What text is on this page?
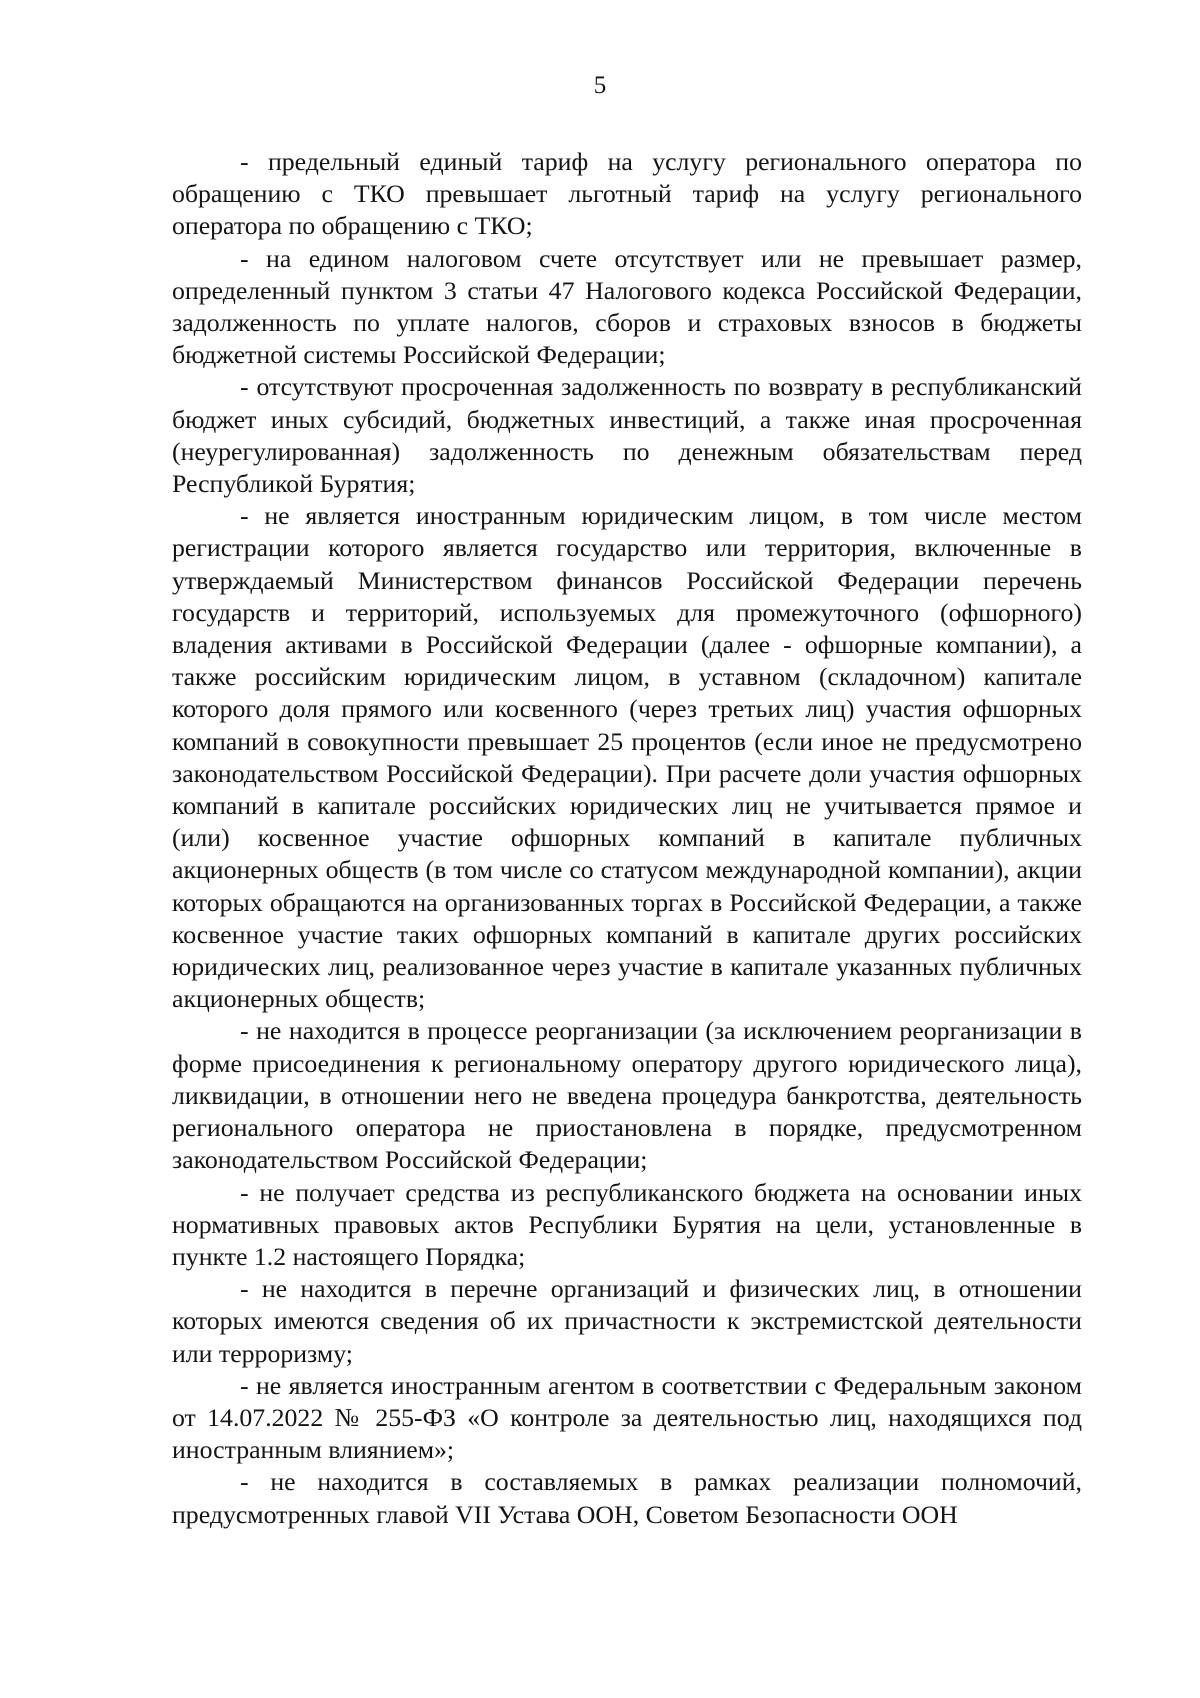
5

- предельный единый тариф на услугу регионального оператора по обращению с ТКО превышает льготный тариф на услугу регионального оператора по обращению с ТКО;

- на едином налоговом счете отсутствует или не превышает размер, определенный пунктом 3 статьи 47 Налогового кодекса Российской Федерации, задолженность по уплате налогов, сборов и страховых взносов в бюджеты бюджетной системы Российской Федерации;

- отсутствуют просроченная задолженность по возврату в республиканский бюджет иных субсидий, бюджетных инвестиций, а также иная просроченная (неурегулированная) задолженность по денежным обязательствам перед Республикой Бурятия;

- не является иностранным юридическим лицом, в том числе местом регистрации которого является государство или территория, включенные в утверждаемый Министерством финансов Российской Федерации перечень государств и территорий, используемых для промежуточного (офшорного) владения активами в Российской Федерации (далее - офшорные компании), а также российским юридическим лицом, в уставном (складочном) капитале которого доля прямого или косвенного (через третьих лиц) участия офшорных компаний в совокупности превышает 25 процентов (если иное не предусмотрено законодательством Российской Федерации). При расчете доли участия офшорных компаний в капитале российских юридических лиц не учитывается прямое и (или) косвенное участие офшорных компаний в капитале публичных акционерных обществ (в том числе со статусом международной компании), акции которых обращаются на организованных торгах в Российской Федерации, а также косвенное участие таких офшорных компаний в капитале других российских юридических лиц, реализованное через участие в капитале указанных публичных акционерных обществ;

- не находится в процессе реорганизации (за исключением реорганизации в форме присоединения к региональному оператору другого юридического лица), ликвидации, в отношении него не введена процедура банкротства, деятельность регионального оператора не приостановлена в порядке, предусмотренном законодательством Российской Федерации;

- не получает средства из республиканского бюджета на основании иных нормативных правовых актов Республики Бурятия на цели, установленные в пункте 1.2 настоящего Порядка;

- не находится в перечне организаций и физических лиц, в отношении которых имеются сведения об их причастности к экстремистской деятельности или терроризму;

- не является иностранным агентом в соответствии с Федеральным законом от 14.07.2022 № 255-ФЗ «О контроле за деятельностью лиц, находящихся под иностранным влиянием»;

- не находится в составляемых в рамках реализации полномочий, предусмотренных главой VII Устава ООН, Советом Безопасности ООН
